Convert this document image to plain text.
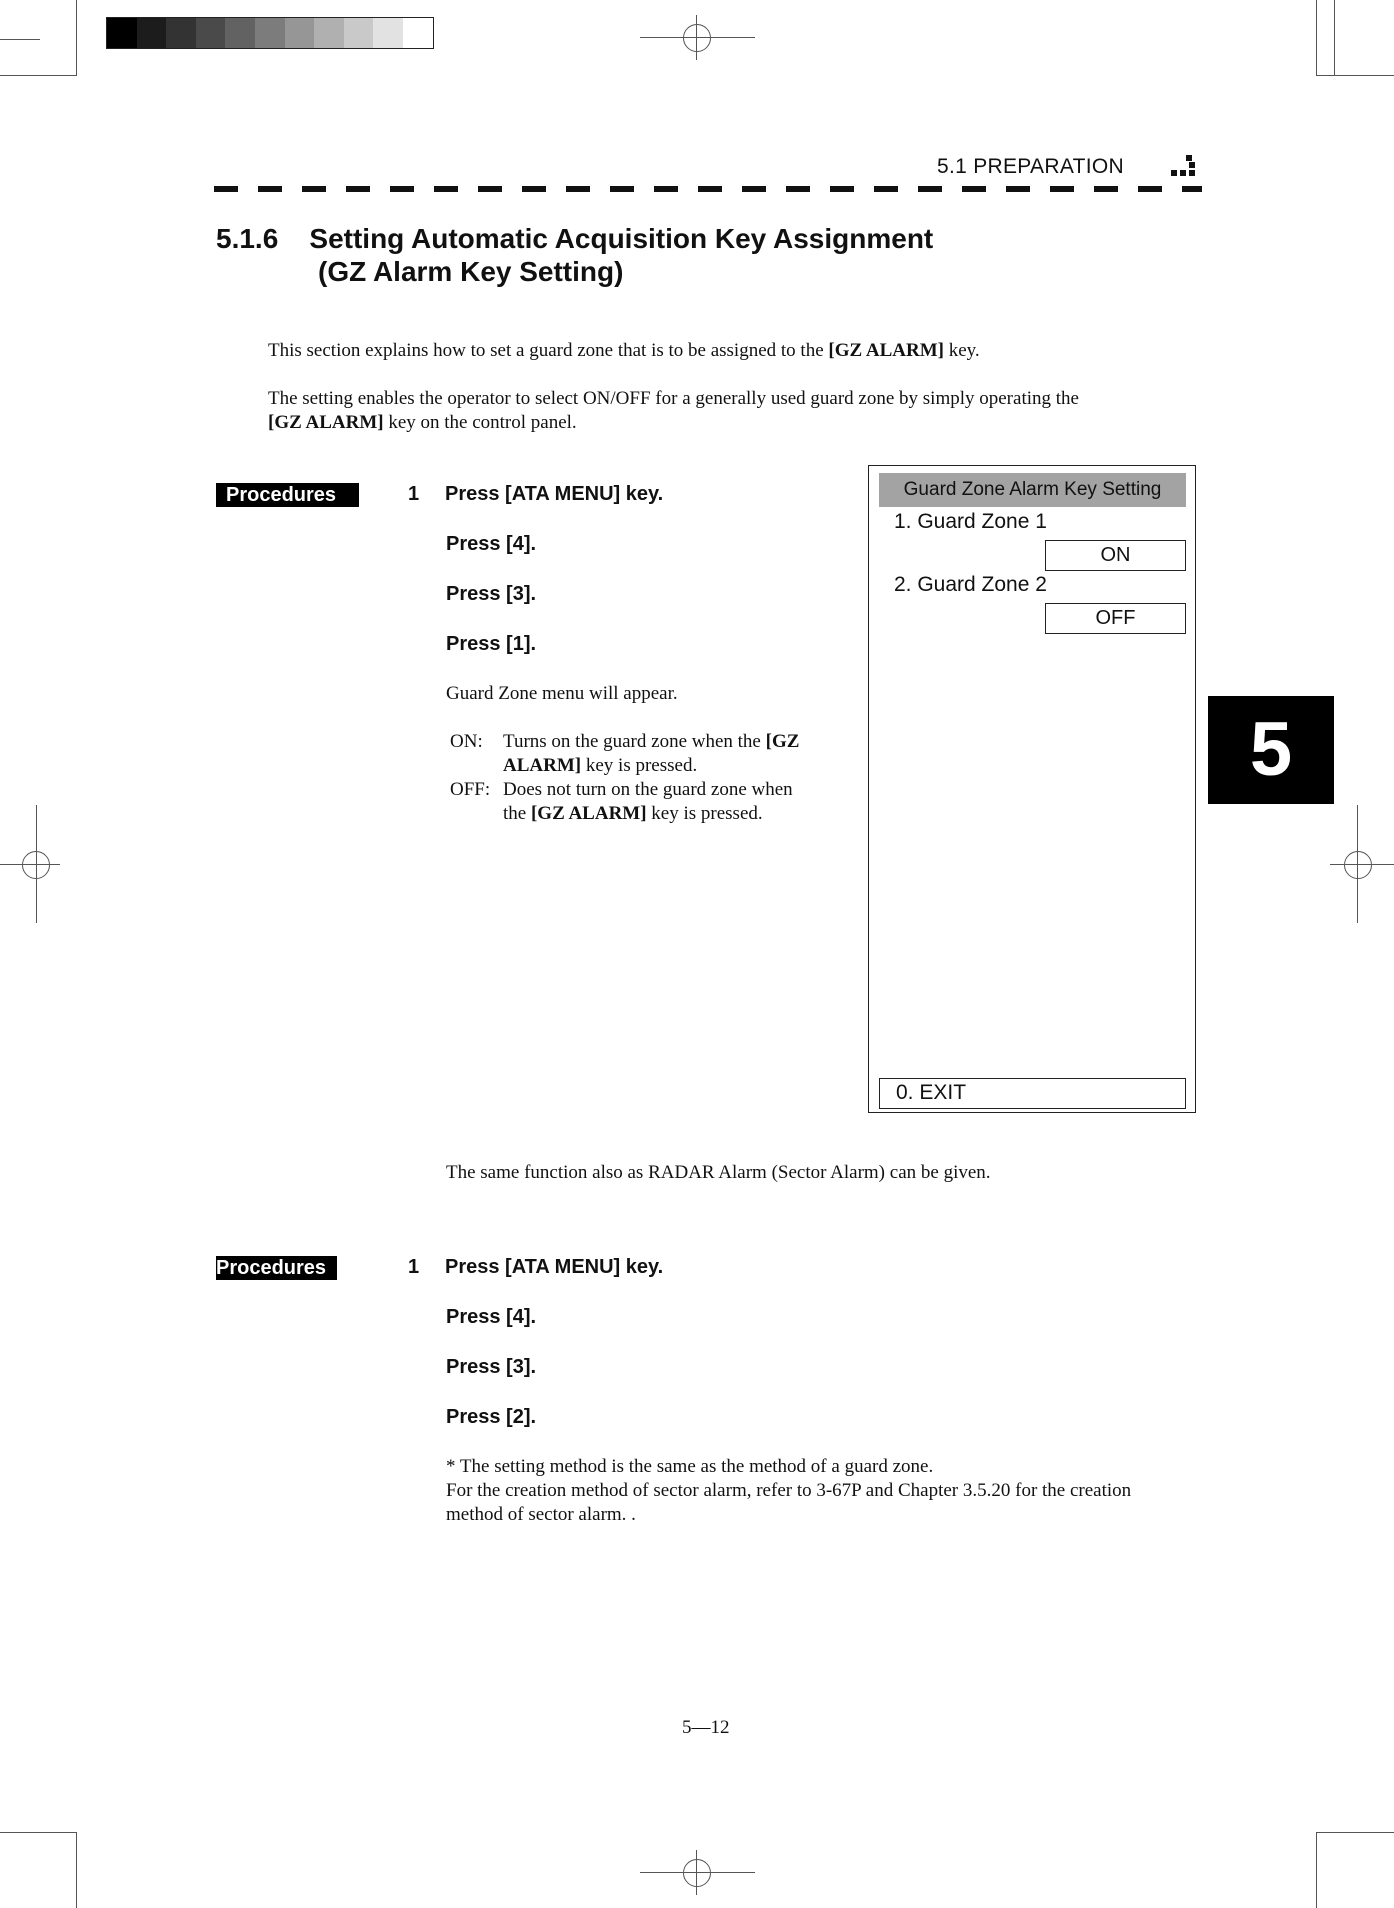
5.1 PREPARATION
5.1.6 Setting Automatic Acquisition Key Assignment
(GZ Alarm Key Setting)
This section explains how to set a guard zone that is to be assigned to the [GZ ALARM] key.
The setting enables the operator to select ON/OFF for a generally used guard zone by simply operating the
[GZ ALARM] key on the control panel.
Procedures	1 Press [ATA MENU] key.
Press [4].
Press [3].
Press [1].
Guard Zone menu will appear.
ON: Turns on the guard zone when the [GZ
ALARM] key is pressed.
OFF: Does not turn on the guard zone when
the [GZ ALARM] key is pressed.
Guard Zone Alarm Key Setting
1. Guard Zone 1
ON
2. Guard Zone 2
OFF
0. EXIT
5
The same function also as RADAR Alarm (Sector Alarm) can be given.
Procedures	1 Press [ATA MENU] key.
Press [4].
Press [3].
Press [2].
* The setting method is the same as the method of a guard zone.
For the creation method of sector alarm, refer to 3-67P and Chapter 3.5.20 for the creation
method of sector alarm. .
5—12
